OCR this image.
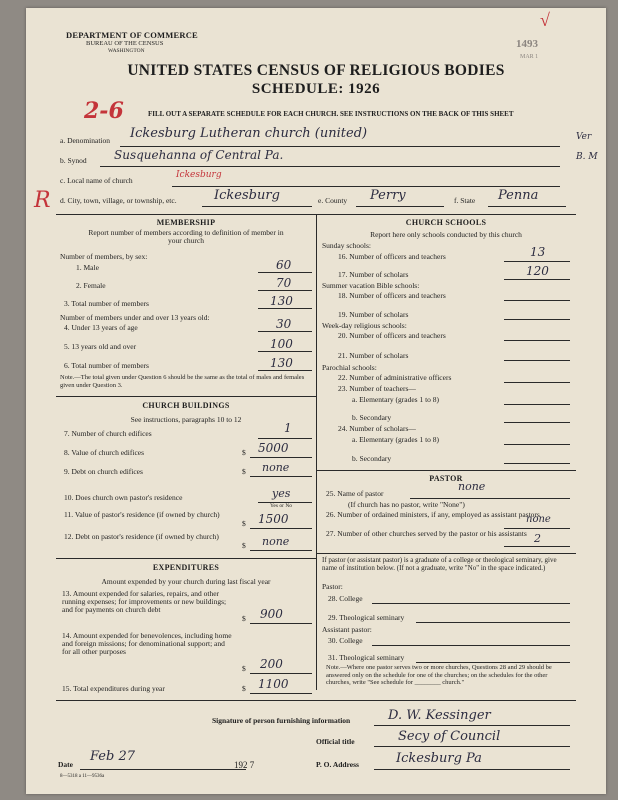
DEPARTMENT OF COMMERCE
BUREAU OF THE CENSUS
WASHINGTON
1493
MAR 1
√
UNITED STATES CENSUS OF RELIGIOUS BODIES
SCHEDULE: 1926
2-6	FILL OUT A SEPARATE SCHEDULE FOR EACH CHURCH. SEE INSTRUCTIONS ON THE BACK OF THIS SHEET
a. Denomination Ickesburg Lutheran church (united)	Ver
b. Synod Susquehanna of Central Pa.	B. M
c. Local name of church
Ickesburg
R d. City, town, village, or township, etc.	Ickesburg	e. County Perry	f. State Penna
MEMBERSHIP
Report number of members according to definition of member in your church
Number of members, by sex:
1. Male	60
2. Female	70
3. Total number of members	130
Number of members under and over 13 years old:
4. Under 13 years of age	30
5. 13 years old and over	100
6. Total number of members	130
Note.—The total given under Question 6 should be the same as the total of males and females given under Question 3.
CHURCH BUILDINGS
See instructions, paragraphs 10 to 12
7. Number of church edifices	1
8. Value of church edifices	$ 5000
9. Debt on church edifices	$ none
10. Does church own pastor's residence	yes
Yes or No
11. Value of pastor's residence (if owned by church)
$ 1500
12. Debt on pastor's residence (if owned by church)
$ none
EXPENDITURES
Amount expended by your church during last fiscal year
13. Amount expended for salaries, repairs, and other running expenses; for improvements or new buildings; and for payments on church debt
$ 900
14. Amount expended for benevolences, including home and foreign missions; for denominational support; and for all other purposes
$ 200
15. Total expenditures during year	$ 1100
CHURCH SCHOOLS
Report here only schools conducted by this church
Sunday schools:
16. Number of officers and teachers	13
17. Number of scholars	120
Summer vacation Bible schools:
18. Number of officers and teachers
19. Number of scholars
Week-day religious schools:
20. Number of officers and teachers
21. Number of scholars
Parochial schools:
22. Number of administrative officers
23. Number of teachers—
a. Elementary (grades 1 to 8)
b. Secondary
24. Number of scholars—
a. Elementary (grades 1 to 8)
b. Secondary
PASTOR
25. Name of pastor
none
(If church has no pastor, write "None")
26. Number of ordained ministers, if any, employed as assistant pastors
none
27. Number of other churches served by the pastor or his assistants 2
If pastor (or assistant pastor) is a graduate of a college or theological seminary, give name of institution below. (If not a graduate, write "No" in the space indicated.)
Pastor:
28. College
29. Theological seminary
Assistant pastor:
30. College
31. Theological seminary
Note.—Where one pastor serves two or more churches, Questions 28 and 29 should be answered only on the schedule for one of the churches; on the schedules for the other churches, write "See schedule for ________ church."
Signature of person furnishing information	D. W. Kessinger
Official title	Secy of Council
Date
Feb 27
192 7	P. O. Address	Ickesburg Pa
8—5318 a 11—9536a
